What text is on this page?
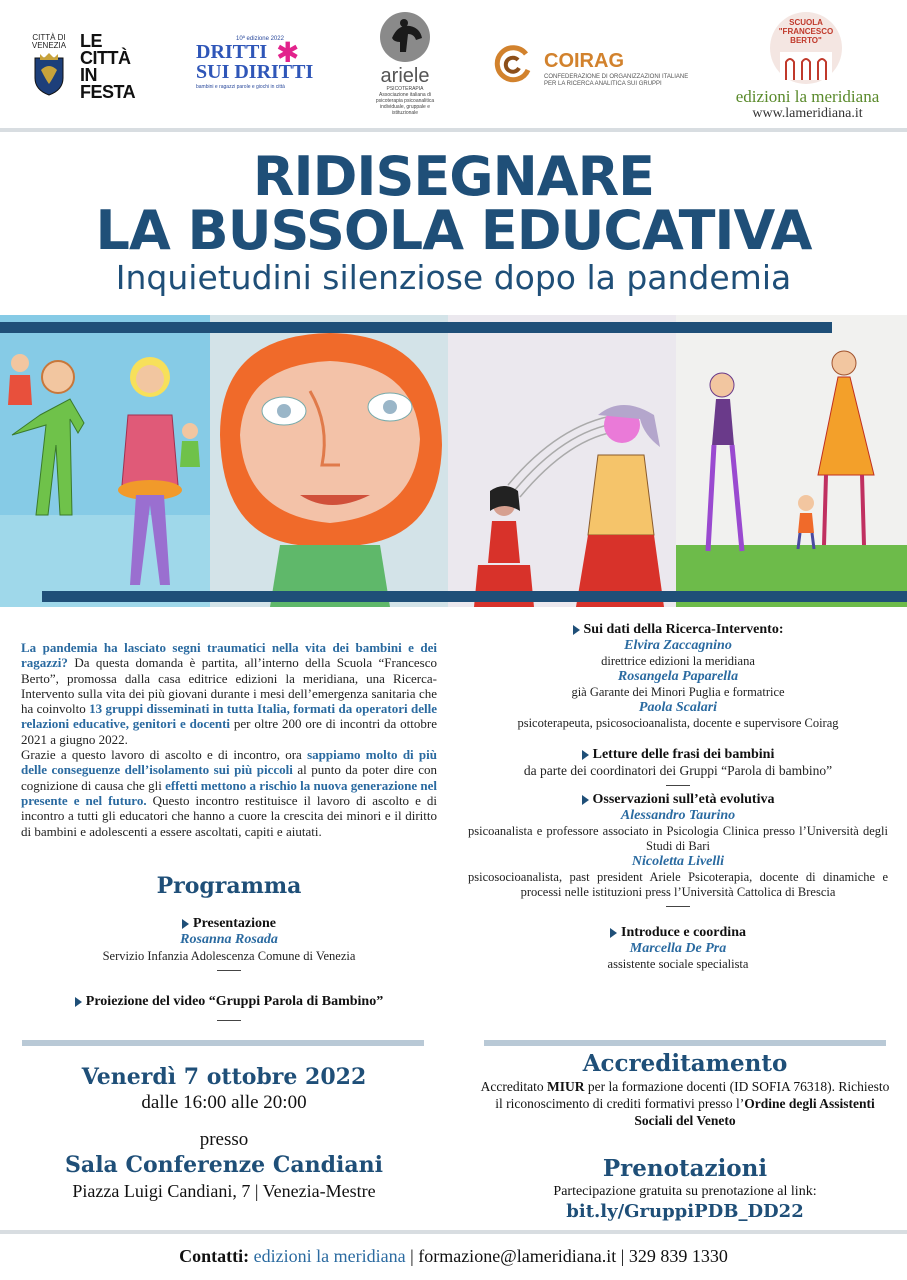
CITTÀ DI VENEZIA LE
CITTÀ
IN
FESTA
10ª edizione 2022
DRITTI
SUI DIRITTI
✱
bambini e ragazzi parole e giochi in città	ariele
PSICOTERAPIA
Associazione italiana di psicoterapia psicoanalitica individuale, gruppale e istituzionale
COIRAG
CONFEDERAZIONE DI ORGANIZZAZIONI ITALIANE PER LA RICERCA ANALITICA SUI GRUPPI
SCUOLA "FRANCESCO BERTO"
edizioni la meridiana
www.lameridiana.it
RIDISEGNARE
LA BUSSOLA EDUCATIVA
Inquietudini silenziose dopo la pandemia
La pandemia ha lasciato segni traumatici nella vita dei bambini e dei ragazzi? Da questa domanda è partita, all’interno della Scuola “Francesco Berto”, promossa dalla casa editrice edizioni la meridiana, una Ricerca-Intervento sulla vita dei più giovani durante i mesi dell’emergenza sanitaria che ha coinvolto 13 gruppi disseminati in tutta Italia, formati da operatori delle relazioni educative, genitori e docenti per oltre 200 ore di incontri da ottobre 2021 a giugno 2022.
Grazie a questo lavoro di ascolto e di incontro, ora sappiamo molto di più delle conseguenze dell’isolamento sui più piccoli al punto da poter dire con cognizione di causa che gli effetti mettono a rischio la nuova generazione nel presente e nel futuro. Questo incontro restituisce il lavoro di ascolto e di incontro a tutti gli educatori che hanno a cuore la crescita dei minori e il diritto di bambini e adolescenti a essere ascoltati, capiti e aiutati.
Programma
Presentazione
Rosanna Rosada
Servizio Infanzia Adolescenza Comune di Venezia
Proiezione del video “Gruppi Parola di Bambino”
Sui dati della Ricerca-Intervento:
Elvira Zaccagnino
direttrice edizioni la meridiana
Rosangela Paparella
già Garante dei Minori Puglia e formatrice
Paola Scalari
psicoterapeuta, psicosocioanalista, docente e supervisore Coirag
Letture delle frasi dei bambini
da parte dei coordinatori dei Gruppi “Parola di bambino”
Osservazioni sull’età evolutiva
Alessandro Taurino
psicoanalista e professore associato in Psicologia Clinica presso l’Università degli Studi di Bari
Nicoletta Livelli
psicosocioanalista, past president Ariele Psicoterapia, docente di dinamiche e processi nelle istituzioni press l’Università Cattolica di Brescia
Introduce e coordina
Marcella De Pra
assistente sociale specialista
Venerdì 7 ottobre 2022
dalle 16:00 alle 20:00
presso
Sala Conferenze Candiani
Piazza Luigi Candiani, 7 | Venezia-Mestre
Accreditamento
Accreditato MIUR per la formazione docenti (ID SOFIA 76318). Richiesto il riconoscimento di crediti formativi presso l’Ordine degli Assistenti Sociali del Veneto
Prenotazioni
Partecipazione gratuita su prenotazione al link:
bit.ly/GruppiPDB_DD22
Contatti: edizioni la meridiana | formazione@lameridiana.it | 329 839 1330
